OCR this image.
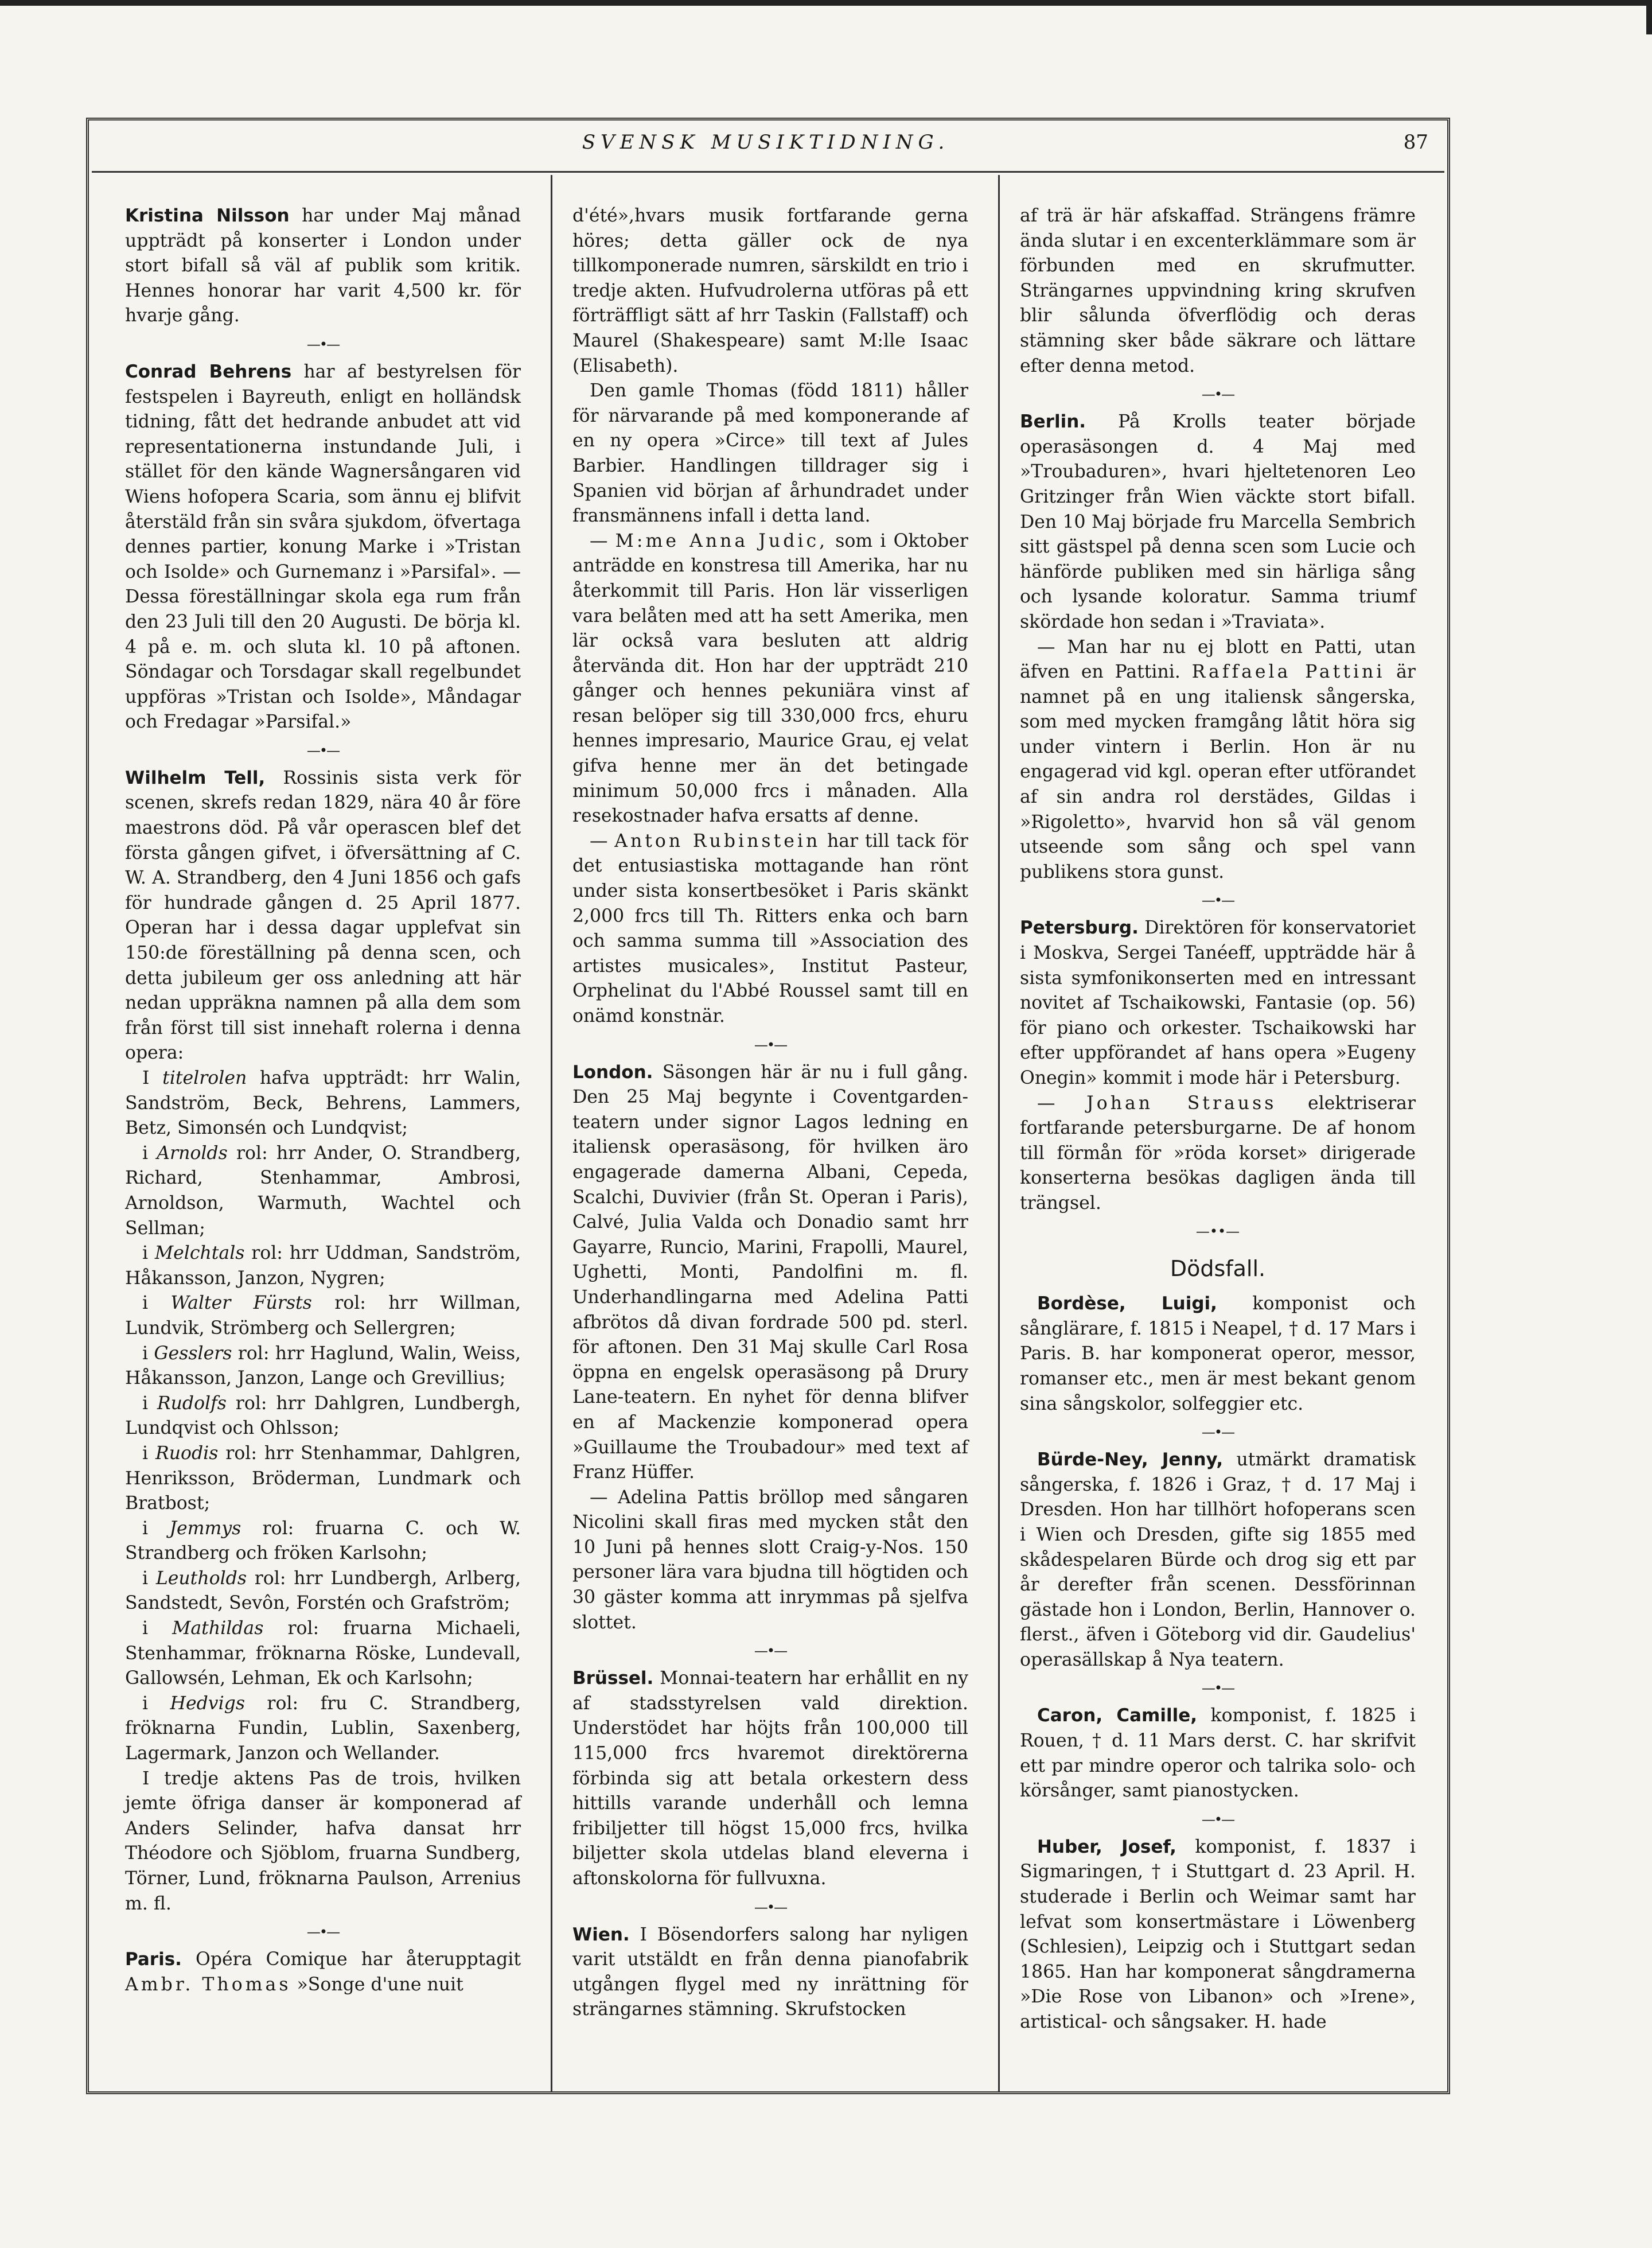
SVENSK MUSIKTIDNING.	87

Kristina Nilsson har under Maj månad uppträdt på konserter i London under stort bifall så väl af publik som kritik. Hennes honorar har varit 4,500 kr. för hvarje gång.

—•—

Conrad Behrens har af bestyrelsen för festspelen i Bayreuth, enligt en holländsk tidning, fått det hedrande anbudet att vid representationerna instundande Juli, i stället för den kände Wagnersångaren vid Wiens hofopera Scaria, som ännu ej blifvit återstäld från sin svåra sjukdom, öfvertaga dennes partier, konung Marke i »Tristan och Isolde» och Gurnemanz i »Parsifal». — Dessa föreställningar skola ega rum från den 23 Juli till den 20 Augusti. De börja kl. 4 på e. m. och sluta kl. 10 på aftonen. Söndagar och Torsdagar skall regelbundet uppföras »Tristan och Isolde», Måndagar och Fredagar »Parsifal.»

—•—

Wilhelm Tell, Rossinis sista verk för scenen, skrefs redan 1829, nära 40 år före maestrons död. På vår operascen blef det första gången gifvet, i öfversättning af C. W. A. Strandberg, den 4 Juni 1856 och gafs för hundrade gången d. 25 April 1877. Operan har i dessa dagar upplefvat sin 150:de föreställning på denna scen, och detta jubileum ger oss anledning att här nedan uppräkna namnen på alla dem som från först till sist innehaft rolerna i denna opera:

I titelrolen hafva uppträdt: hrr Walin, Sandström, Beck, Behrens, Lammers, Betz, Simonsén och Lundqvist;

i Arnolds rol: hrr Ander, O. Strandberg, Richard, Stenhammar, Ambrosi, Arnoldson, Warmuth, Wachtel och Sellman;

i Melchtals rol: hrr Uddman, Sandström, Håkansson, Janzon, Nygren;

i Walter Fürsts rol: hrr Willman, Lundvik, Strömberg och Sellergren;

i Gesslers rol: hrr Haglund, Walin, Weiss, Håkansson, Janzon, Lange och Grevillius;

i Rudolfs rol: hrr Dahlgren, Lundbergh, Lundqvist och Ohlsson;

i Ruodis rol: hrr Stenhammar, Dahlgren, Henriksson, Bröderman, Lundmark och Bratbost;

i Jemmys rol: fruarna C. och W. Strandberg och fröken Karlsohn;

i Leutholds rol: hrr Lundbergh, Arlberg, Sandstedt, Sevôn, Forstén och Grafström;

i Mathildas rol: fruarna Michaeli, Stenhammar, fröknarna Röske, Lundevall, Gallowsén, Lehman, Ek och Karlsohn;

i Hedvigs rol: fru C. Strandberg, fröknarna Fundin, Lublin, Saxenberg, Lagermark, Janzon och Wellander.

I tredje aktens Pas de trois, hvilken jemte öfriga danser är komponerad af Anders Selinder, hafva dansat hrr Théodore och Sjöblom, fruarna Sundberg, Törner, Lund, fröknarna Paulson, Arrenius m. fl.

—•—

Paris. Opéra Comique har återupptagit Ambr. Thomas »Songe d'une nuit

d'été»,hvars musik fortfarande gerna höres; detta gäller ock de nya tillkomponerade numren, särskildt en trio i tredje akten. Hufvudrolerna utföras på ett förträffligt sätt af hrr Taskin (Fallstaff) och Maurel (Shakespeare) samt M:lle Isaac (Elisabeth).

Den gamle Thomas (född 1811) håller för närvarande på med komponerande af en ny opera »Circe» till text af Jules Barbier. Handlingen tilldrager sig i Spanien vid början af århundradet under fransmännens infall i detta land.

— M:me Anna Judic, som i Oktober anträdde en konstresa till Amerika, har nu återkommit till Paris. Hon lär visserligen vara belåten med att ha sett Amerika, men lär också vara besluten att aldrig återvända dit. Hon har der uppträdt 210 gånger och hennes pekuniära vinst af resan belöper sig till 330,000 frcs, ehuru hennes impresario, Maurice Grau, ej velat gifva henne mer än det betingade minimum 50,000 frcs i månaden. Alla resekostnader hafva ersatts af denne.

— Anton Rubinstein har till tack för det entusiastiska mottagande han rönt under sista konsertbesöket i Paris skänkt 2,000 frcs till Th. Ritters enka och barn och samma summa till »Association des artistes musicales», Institut Pasteur, Orphelinat du l'Abbé Roussel samt till en onämd konstnär.

—•—

London. Säsongen här är nu i full gång. Den 25 Maj begynte i Coventgarden-teatern under signor Lagos ledning en italiensk operasäsong, för hvilken äro engagerade damerna Albani, Cepeda, Scalchi, Duvivier (från St. Operan i Paris), Calvé, Julia Valda och Donadio samt hrr Gayarre, Runcio, Marini, Frapolli, Maurel, Ughetti, Monti, Pandolfini m. fl. Underhandlingarna med Adelina Patti afbrötos då divan fordrade 500 pd. sterl. för aftonen. Den 31 Maj skulle Carl Rosa öppna en engelsk operasäsong på Drury Lane-teatern. En nyhet för denna blifver en af Mackenzie komponerad opera »Guillaume the Troubadour» med text af Franz Hüffer.

— Adelina Pattis bröllop med sångaren Nicolini skall firas med mycken ståt den 10 Juni på hennes slott Craig-y-Nos. 150 personer lära vara bjudna till högtiden och 30 gäster komma att inrymmas på sjelfva slottet.

—•—

Brüssel. Monnai-teatern har erhållit en ny af stadsstyrelsen vald direktion. Understödet har höjts från 100,000 till 115,000 frcs hvaremot direktörerna förbinda sig att betala orkestern dess hittills varande underhåll och lemna fribiljetter till högst 15,000 frcs, hvilka biljetter skola utdelas bland eleverna i aftonskolorna för fullvuxna.

—•—

Wien. I Bösendorfers salong har nyligen varit utstäldt en från denna pianofabrik utgången flygel med ny inrättning för strängarnes stämning. Skrufstocken

af trä är här afskaffad. Strängens främre ända slutar i en excenterklämmare som är förbunden med en skrufmutter. Strängarnes uppvindning kring skrufven blir sålunda öfverflödig och deras stämning sker både säkrare och lättare efter denna metod.

—•—

Berlin. På Krolls teater började operasäsongen d. 4 Maj med »Troubaduren», hvari hjeltetenoren Leo Gritzinger från Wien väckte stort bifall. Den 10 Maj började fru Marcella Sembrich sitt gästspel på denna scen som Lucie och hänförde publiken med sin härliga sång och lysande koloratur. Samma triumf skördade hon sedan i »Traviata».

— Man har nu ej blott en Patti, utan äfven en Pattini. Raffaela Pattini är namnet på en ung italiensk sångerska, som med mycken framgång låtit höra sig under vintern i Berlin. Hon är nu engagerad vid kgl. operan efter utförandet af sin andra rol derstädes, Gildas i »Rigoletto», hvarvid hon så väl genom utseende som sång och spel vann publikens stora gunst.

—•—

Petersburg. Direktören för konservatoriet i Moskva, Sergei Tanéeff, uppträdde här å sista symfonikonserten med en intressant novitet af Tschaikowski, Fantasie (op. 56) för piano och orkester. Tschaikowski har efter uppförandet af hans opera »Eugeny Onegin» kommit i mode här i Petersburg.

— Johan Strauss elektriserar fortfarande petersburgarne. De af honom till förmån för »röda korset» dirigerade konserterna besökas dagligen ända till trängsel.

—••—
Dödsfall.

Bordèse, Luigi, komponist och sånglärare, f. 1815 i Neapel, † d. 17 Mars i Paris. B. har komponerat operor, messor, romanser etc., men är mest bekant genom sina sångskolor, solfeggier etc.

—•—

Bürde-Ney, Jenny, utmärkt dramatisk sångerska, f. 1826 i Graz, † d. 17 Maj i Dresden. Hon har tillhört hofoperans scen i Wien och Dresden, gifte sig 1855 med skådespelaren Bürde och drog sig ett par år derefter från scenen. Dessförinnan gästade hon i London, Berlin, Hannover o. flerst., äfven i Göteborg vid dir. Gaudelius' operasällskap å Nya teatern.

—•—

Caron, Camille, komponist, f. 1825 i Rouen, † d. 11 Mars derst. C. har skrifvit ett par mindre operor och talrika solo- och körsånger, samt pianostycken.

—•—

Huber, Josef, komponist, f. 1837 i Sigmaringen, † i Stuttgart d. 23 April. H. studerade i Berlin och Weimar samt har lefvat som konsertmästare i Löwenberg (Schlesien), Leipzig och i Stuttgart sedan 1865. Han har komponerat sångdramerna »Die Rose von Libanon» och »Irene», artistical- och sångsaker. H. hade
